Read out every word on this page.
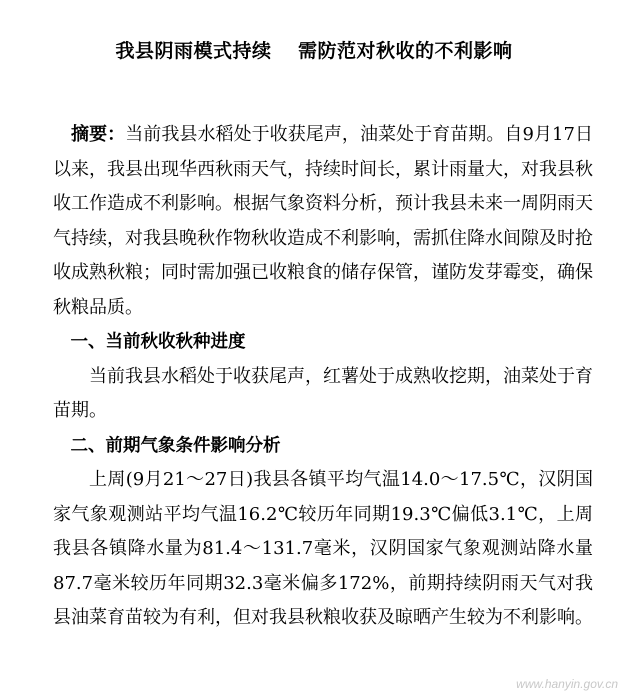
我县阴雨模式持续　 需防范对秋收的不利影响

摘要：当前我县水稻处于收获尾声，油菜处于育苗期。自9月17日以来，我县出现华西秋雨天气，持续时间长，累计雨量大，对我县秋收工作造成不利影响。根据气象资料分析，预计我县未来一周阴雨天气持续，对我县晚秋作物秋收造成不利影响，需抓住降水间隙及时抢收成熟秋粮；同时需加强已收粮食的储存保管，谨防发芽霉变，确保秋粮品质。

一、当前秋收秋种进度

当前我县水稻处于收获尾声，红薯处于成熟收挖期，油菜处于育苗期。

二、前期气象条件影响分析

上周(9月21～27日)我县各镇平均气温14.0～17.5℃，汉阴国家气象观测站平均气温16.2℃较历年同期19.3℃偏低3.1℃，上周我县各镇降水量为81.4～131.7毫米，汉阴国家气象观测站降水量87.7毫米较历年同期32.3毫米偏多172%，前期持续阴雨天气对我县油菜育苗较为有利，但对我县秋粮收获及晾晒产生较为不利影响。

www.hanyin.gov.cn
